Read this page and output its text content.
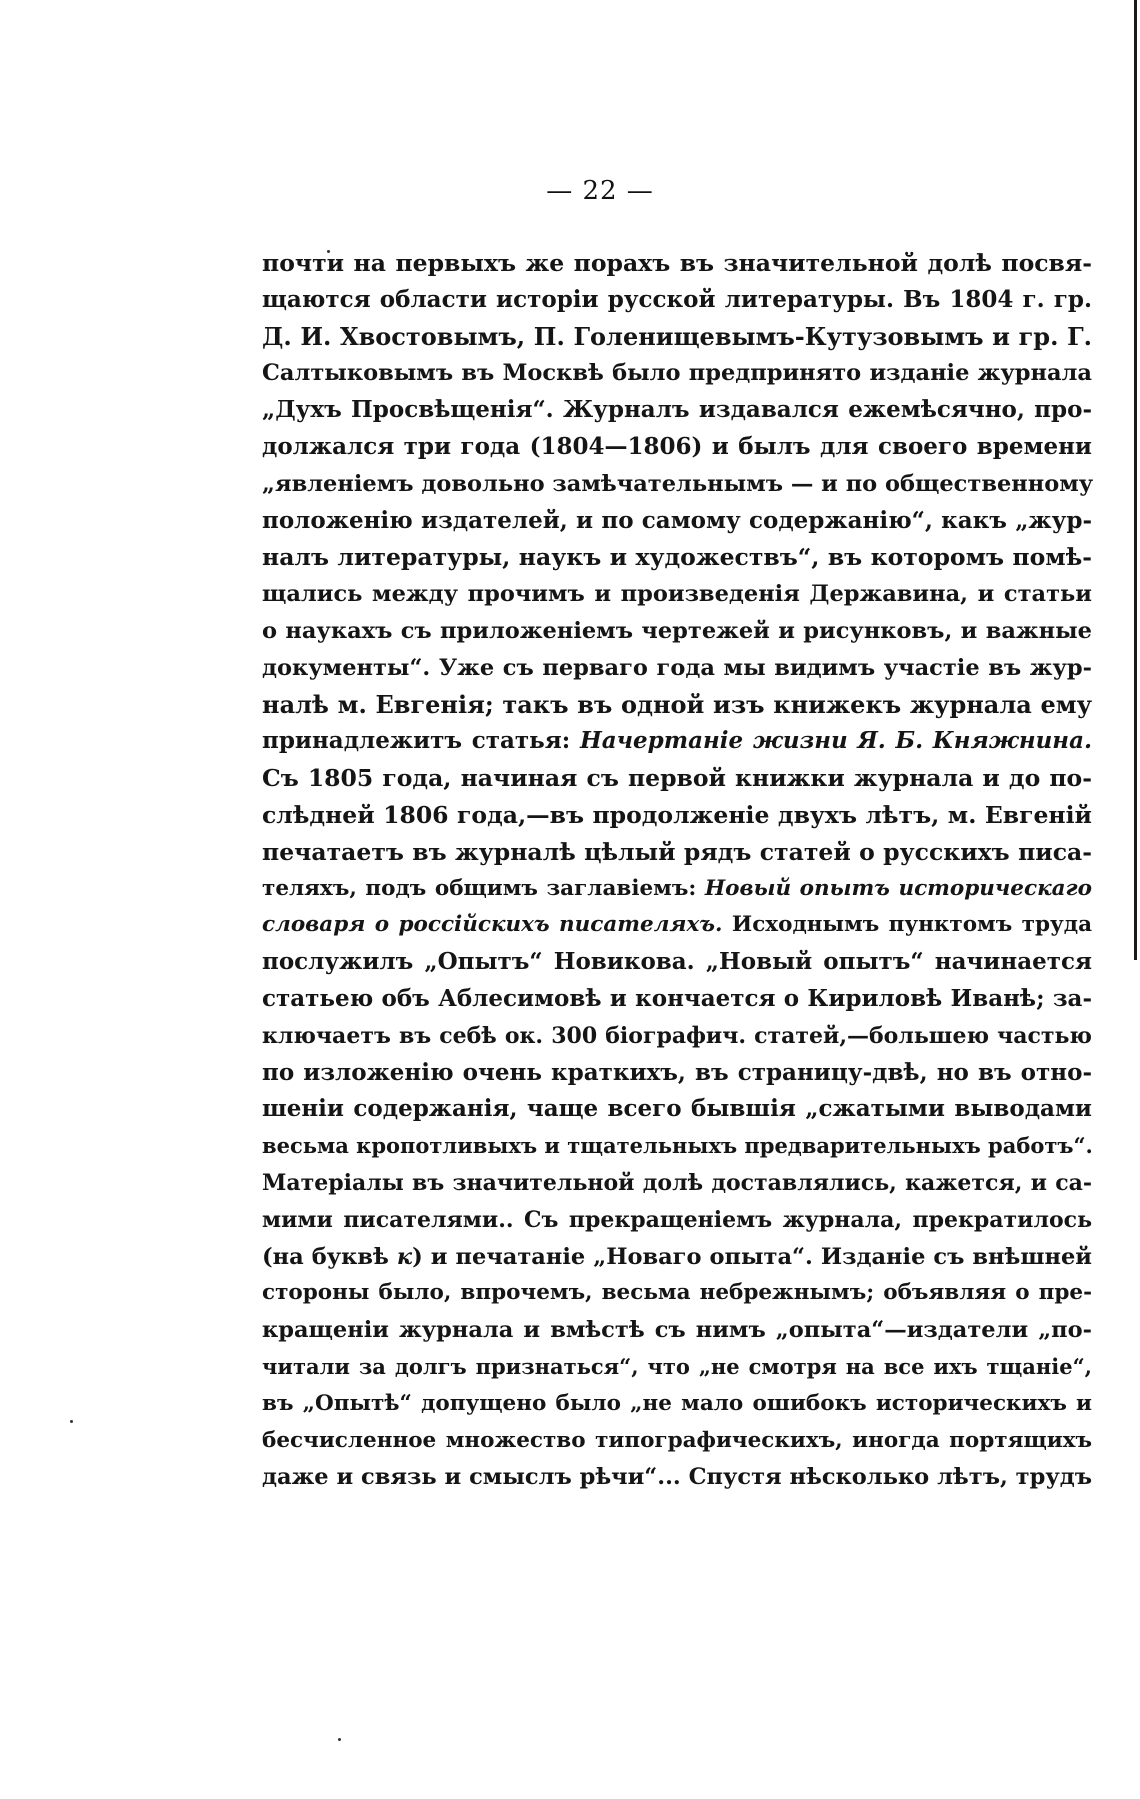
— 22 —
почти на первыхъ же порахъ въ значительной долѣ посвя-
щаются области исторіи русской литературы. Въ 1804 г. гр.
Д. И. Хвостовымъ, П. Голенищевымъ-Кутузовымъ и гр. Г.
Салтыковымъ въ Москвѣ было предпринято изданіе журнала
„Духъ Просвѣщенія“. Журналъ издавался ежемѣсячно, про-
должался три года (1804—1806) и былъ для своего времени
„явленіемъ довольно замѣчательнымъ — и по общественному
положенію издателей, и по самому содержанію“, какъ „жур-
налъ литературы, наукъ и художествъ“, въ которомъ помѣ-
щались между прочимъ и произведенія Державина, и статьи
о наукахъ съ приложеніемъ чертежей и рисунковъ, и важные
документы“. Уже съ перваго года мы видимъ участіе въ жур-
налѣ м. Евгенія; такъ въ одной изъ книжекъ журнала ему
принадлежитъ статья: Начертаніе жизни Я. Б. Княжнина.
Съ 1805 года, начиная съ первой книжки журнала и до по-
слѣдней 1806 года,—въ продолженіе двухъ лѣтъ, м. Евгеній
печатаетъ въ журналѣ цѣлый рядъ статей о русскихъ писа-
теляхъ, подъ общимъ заглавіемъ: Новый опытъ историческаго
словаря о россійскихъ писателяхъ. Исходнымъ пунктомъ труда
послужилъ „Опытъ“ Новикова. „Новый опытъ“ начинается
статьею объ Аблесимовѣ и кончается о Кириловѣ Иванѣ; за-
ключаетъ въ себѣ ок. 300 біографич. статей,—большею частью
по изложенію очень краткихъ, въ страницу-двѣ, но въ отно-
шеніи содержанія, чаще всего бывшія „сжатыми выводами
весьма кропотливыхъ и тщательныхъ предварительныхъ работъ“.
Матеріалы въ значительной долѣ доставлялись, кажется, и са-
мими писателями.. Съ прекращеніемъ журнала, прекратилось
(на буквѣ к) и печатаніе „Новаго опыта“. Изданіе съ внѣшней
стороны было, впрочемъ, весьма небрежнымъ; объявляя о пре-
кращеніи журнала и вмѣстѣ съ нимъ „опыта“—издатели „по-
читали за долгъ признаться“, что „не смотря на все ихъ тщаніе“,
въ „Опытѣ“ допущено было „не мало ошибокъ историческихъ и
бесчисленное множество типографическихъ, иногда портящихъ
даже и связь и смыслъ рѣчи“... Спустя нѣсколько лѣтъ, трудъ
